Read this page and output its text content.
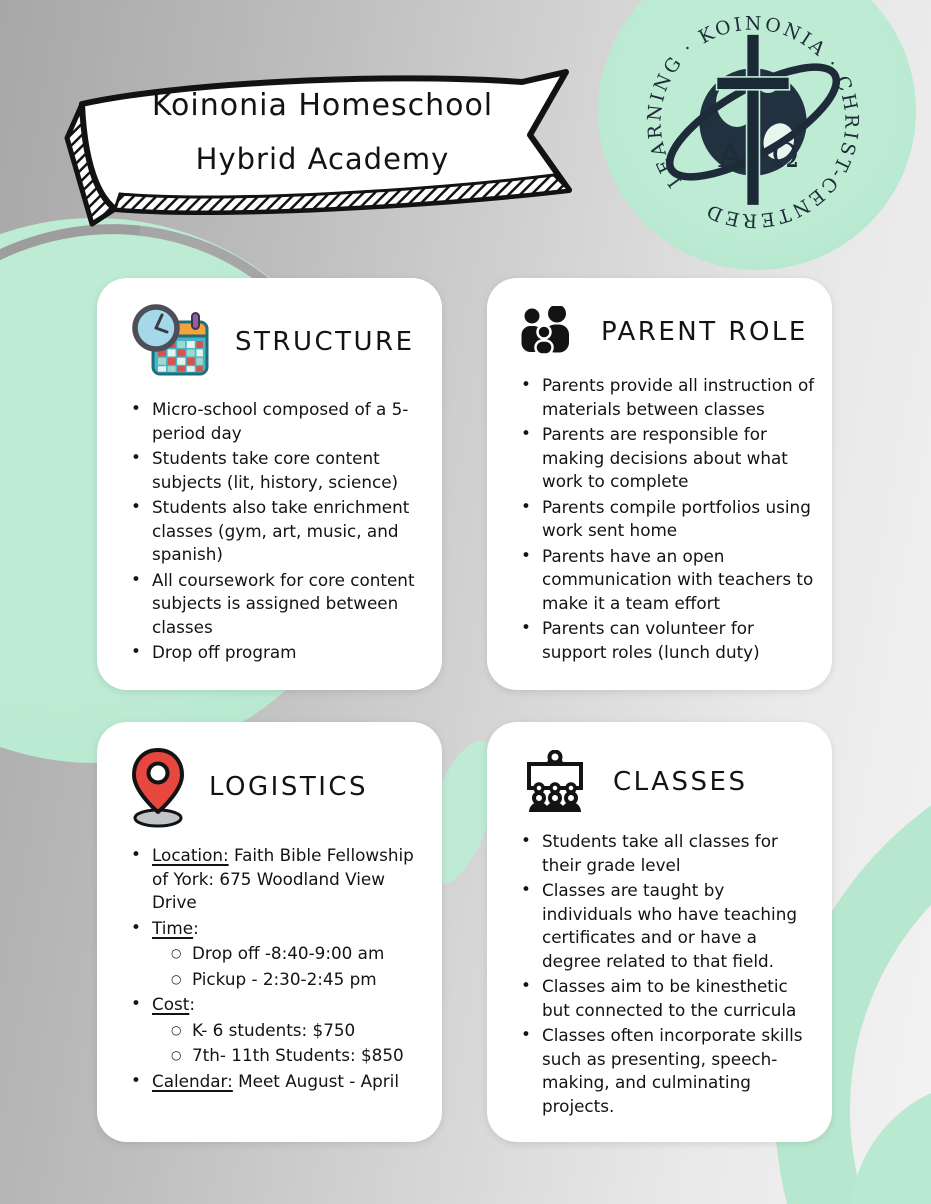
Koinonia Homeschool
Hybrid Academy	A Ω
LEARNING · KOINONIA · CHRIST-CENTERED
STRUCTURE
• Micro-school composed of a 5-period day
• Students take core content subjects (lit, history, science)
• Students also take enrichment classes (gym, art, music, and spanish)
• All coursework for core content subjects is assigned between classes
• Drop off program
PARENT ROLE
• Parents provide all instruction of materials between classes
• Parents are responsible for making decisions about what work to complete
• Parents compile portfolios using work sent home
• Parents have an open communication with teachers to make it a team effort
• Parents can volunteer for support roles (lunch duty)
LOGISTICS
• Location: Faith Bible Fellowship of York: 675 Woodland View Drive
• Time:
○ Drop off -8:40-9:00 am
○ Pickup - 2:30-2:45 pm
• Cost:
○ K- 6 students: $750
○ 7th- 11th Students: $850
• Calendar: Meet August - April
CLASSES
• Students take all classes for their grade level
• Classes are taught by individuals who have teaching certificates and or have a degree related to that field.
• Classes aim to be kinesthetic but connected to the curricula
• Classes often incorporate skills such as presenting, speech-making, and culminating projects.
